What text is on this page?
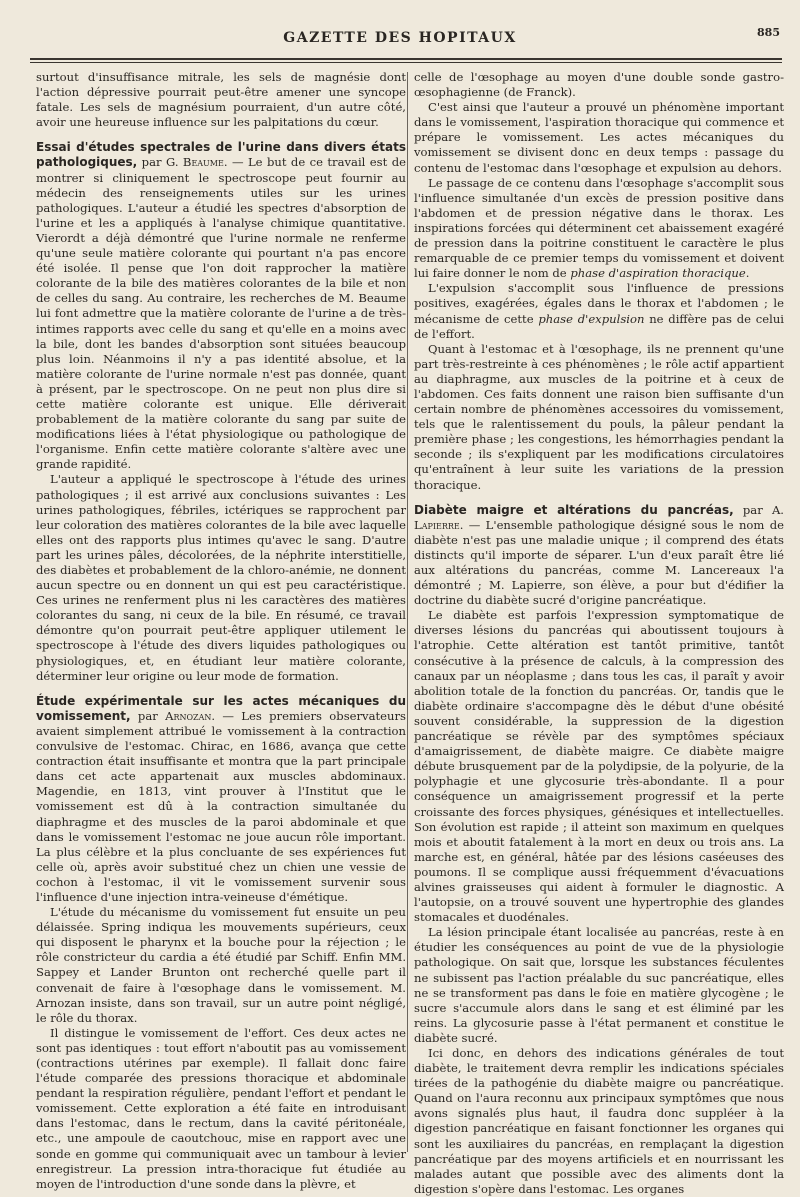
GAZETTE DES HOPITAUX	885

surtout d'insuffisance mitrale, les sels de magnésie dont l'action dépressive pourrait peut-être amener une syncope fatale. Les sels de magnésium pourraient, d'un autre côté, avoir une heureuse influence sur les palpitations du cœur.

Essai d'études spectrales de l'urine dans divers états pathologiques, par G. Beaume. — Le but de ce travail est de montrer si cliniquement le spectroscope peut fournir au médecin des renseignements utiles sur les urines pathologiques. L'auteur a étudié les spectres d'absorption de l'urine et les a appliqués à l'analyse chimique quantitative. Vierordt a déjà démontré que l'urine normale ne renferme qu'une seule matière colorante qui pourtant n'a pas encore été isolée. Il pense que l'on doit rapprocher la matière colorante de la bile des matières colorantes de la bile et non de celles du sang. Au contraire, les recherches de M. Beaume lui font admettre que la matière colorante de l'urine a de très-intimes rapports avec celle du sang et qu'elle en a moins avec la bile, dont les bandes d'absorption sont situées beaucoup plus loin. Néanmoins il n'y a pas identité absolue, et la matière colorante de l'urine normale n'est pas donnée, quant à présent, par le spectroscope. On ne peut non plus dire si cette matière colorante est unique. Elle dériverait probablement de la matière colorante du sang par suite de modifications liées à l'état physiologique ou pathologique de l'organisme. Enfin cette matière colorante s'altère avec une grande rapidité.

L'auteur a appliqué le spectroscope à l'étude des urines pathologiques ; il est arrivé aux conclusions suivantes : Les urines pathologiques, fébriles, ictériques se rapprochent par leur coloration des matières colorantes de la bile avec laquelle elles ont des rapports plus intimes qu'avec le sang. D'autre part les urines pâles, décolorées, de la néphrite interstitielle, des diabètes et probablement de la chloro-anémie, ne donnent aucun spectre ou en donnent un qui est peu caractéristique. Ces urines ne renferment plus ni les caractères des matières colorantes du sang, ni ceux de la bile. En résumé, ce travail démontre qu'on pourrait peut-être appliquer utilement le spectroscope à l'étude des divers liquides pathologiques ou physiologiques, et, en étudiant leur matière colorante, déterminer leur origine ou leur mode de formation.

Étude expérimentale sur les actes mécaniques du vomissement, par Arnozan. — Les premiers observateurs avaient simplement attribué le vomissement à la contraction convulsive de l'estomac. Chirac, en 1686, avança que cette contraction était insuffisante et montra que la part principale dans cet acte appartenait aux muscles abdominaux. Magendie, en 1813, vint prouver à l'Institut que le vomissement est dû à la contraction simultanée du diaphragme et des muscles de la paroi abdominale et que dans le vomissement l'estomac ne joue aucun rôle important. La plus célèbre et la plus concluante de ses expériences fut celle où, après avoir substitué chez un chien une vessie de cochon à l'estomac, il vit le vomissement survenir sous l'influence d'une injection intra-veineuse d'émétique.

L'étude du mécanisme du vomissement fut ensuite un peu délaissée. Spring indiqua les mouvements supérieurs, ceux qui disposent le pharynx et la bouche pour la réjection ; le rôle constricteur du cardia a été étudié par Schiff. Enfin MM. Sappey et Lander Brunton ont recherché quelle part il convenait de faire à l'œsophage dans le vomissement. M. Arnozan insiste, dans son travail, sur un autre point négligé, le rôle du thorax.

Il distingue le vomissement de l'effort. Ces deux actes ne sont pas identiques : tout effort n'aboutit pas au vomissement (contractions utérines par exemple). Il fallait donc faire l'étude comparée des pressions thoracique et abdominale pendant la respiration régulière, pendant l'effort et pendant le vomissement. Cette exploration a été faite en introduisant dans l'estomac, dans le rectum, dans la cavité péritonéale, etc., une ampoule de caoutchouc, mise en rapport avec une sonde en gomme qui communiquait avec un tambour à levier enregistreur. La pression intra-thoracique fut étudiée au moyen de l'introduction d'une sonde dans la plèvre, et

celle de l'œsophage au moyen d'une double sonde gastro-œsophagienne (de Franck).

C'est ainsi que l'auteur a prouvé un phénomène important dans le vomissement, l'aspiration thoracique qui commence et prépare le vomissement. Les actes mécaniques du vomissement se divisent donc en deux temps : passage du contenu de l'estomac dans l'œsophage et expulsion au dehors.

Le passage de ce contenu dans l'œsophage s'accomplit sous l'influence simultanée d'un excès de pression positive dans l'abdomen et de pression négative dans le thorax. Les inspirations forcées qui déterminent cet abaissement exagéré de pression dans la poitrine constituent le caractère le plus remarquable de ce premier temps du vomissement et doivent lui faire donner le nom de phase d'aspiration thoracique.

L'expulsion s'accomplit sous l'influence de pressions positives, exagérées, égales dans le thorax et l'abdomen ; le mécanisme de cette phase d'expulsion ne diffère pas de celui de l'effort.

Quant à l'estomac et à l'œsophage, ils ne prennent qu'une part très-restreinte à ces phénomènes ; le rôle actif appartient au diaphragme, aux muscles de la poitrine et à ceux de l'abdomen. Ces faits donnent une raison bien suffisante d'un certain nombre de phénomènes accessoires du vomissement, tels que le ralentissement du pouls, la pâleur pendant la première phase ; les congestions, les hémorrhagies pendant la seconde ; ils s'expliquent par les modifications circulatoires qu'entraînent à leur suite les variations de la pression thoracique.

Diabète maigre et altérations du pancréas, par A. Lapierre. — L'ensemble pathologique désigné sous le nom de diabète n'est pas une maladie unique ; il comprend des états distincts qu'il importe de séparer. L'un d'eux paraît être lié aux altérations du pancréas, comme M. Lancereaux l'a démontré ; M. Lapierre, son élève, a pour but d'édifier la doctrine du diabète sucré d'origine pancréatique.

Le diabète est parfois l'expression symptomatique de diverses lésions du pancréas qui aboutissent toujours à l'atrophie. Cette altération est tantôt primitive, tantôt consécutive à la présence de calculs, à la compression des canaux par un néoplasme ; dans tous les cas, il paraît y avoir abolition totale de la fonction du pancréas. Or, tandis que le diabète ordinaire s'accompagne dès le début d'une obésité souvent considérable, la suppression de la digestion pancréatique se révèle par des symptômes spéciaux d'amaigrissement, de diabète maigre. Ce diabète maigre débute brusquement par de la polydipsie, de la polyurie, de la polyphagie et une glycosurie très-abondante. Il a pour conséquence un amaigrissement progressif et la perte croissante des forces physiques, génésiques et intellectuelles. Son évolution est rapide ; il atteint son maximum en quelques mois et aboutit fatalement à la mort en deux ou trois ans. La marche est, en général, hâtée par des lésions caséeuses des poumons. Il se complique aussi fréquemment d'évacuations alvines graisseuses qui aident à formuler le diagnostic. A l'autopsie, on a trouvé souvent une hypertrophie des glandes stomacales et duodénales.

La lésion principale étant localisée au pancréas, reste à en étudier les conséquences au point de vue de la physiologie pathologique. On sait que, lorsque les substances féculentes ne subissent pas l'action préalable du suc pancréatique, elles ne se transforment pas dans le foie en matière glycogène ; le sucre s'accumule alors dans le sang et est éliminé par les reins. La glycosurie passe à l'état permanent et constitue le diabète sucré.

Ici donc, en dehors des indications générales de tout diabète, le traitement devra remplir les indications spéciales tirées de la pathogénie du diabète maigre ou pancréatique. Quand on l'aura reconnu aux principaux symptômes que nous avons signalés plus haut, il faudra donc suppléer à la digestion pancréatique en faisant fonctionner les organes qui sont les auxiliaires du pancréas, en remplaçant la digestion pancréatique par des moyens artificiels et en nourrissant les malades autant que possible avec des aliments dont la digestion s'opère dans l'estomac. Les organes
